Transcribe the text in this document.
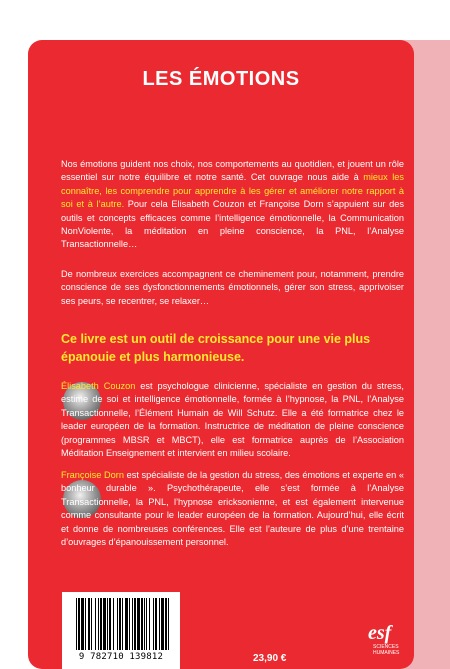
LES ÉMOTIONS
Nos émotions guident nos choix, nos comportements au quotidien, et jouent un rôle essentiel sur notre équilibre et notre santé. Cet ouvrage nous aide à mieux les connaître, les comprendre pour apprendre à les gérer et améliorer notre rapport à soi et à l’autre. Pour cela Elisabeth Couzon et Françoise Dorn s’appuient sur des outils et concepts efficaces comme l’intelligence émotionnelle, la Communication NonViolente, la méditation en pleine conscience, la PNL, l’Analyse Transactionnelle…
De nombreux exercices accompagnent ce cheminement pour, notamment, prendre conscience de ses dysfonctionnements émotionnels, gérer son stress, apprivoiser ses peurs, se recentrer, se relaxer…
Ce livre est un outil de croissance pour une vie plus épanouie et plus harmonieuse.
Élisabeth Couzon est psychologue clinicienne, spécialiste en gestion du stress, estime de soi et intelligence émotionnelle, formée à l’hypnose, la PNL, l’Analyse Transactionnelle, l’Élément Humain de Will Schutz. Elle a été formatrice chez le leader européen de la formation. Instructrice de méditation de pleine conscience (programmes MBSR et MBCT), elle est formatrice auprès de l’Association Méditation Enseignement et intervient en milieu scolaire.
Françoise Dorn est spécialiste de la gestion du stress, des émotions et experte en « bonheur durable ». Psychothérapeute, elle s’est formée à l’Analyse Transactionnelle, la PNL, l’hypnose ericksonienne, et est également intervenue comme consultante pour le leader européen de la formation. Aujourd’hui, elle écrit et donne de nombreuses conférences. Elle est l’auteure de plus d’une trentaine d’ouvrages d’épanouissement personnel.
9 782710 139812	23,90 €
esf
SCIENCES
HUMAINES
